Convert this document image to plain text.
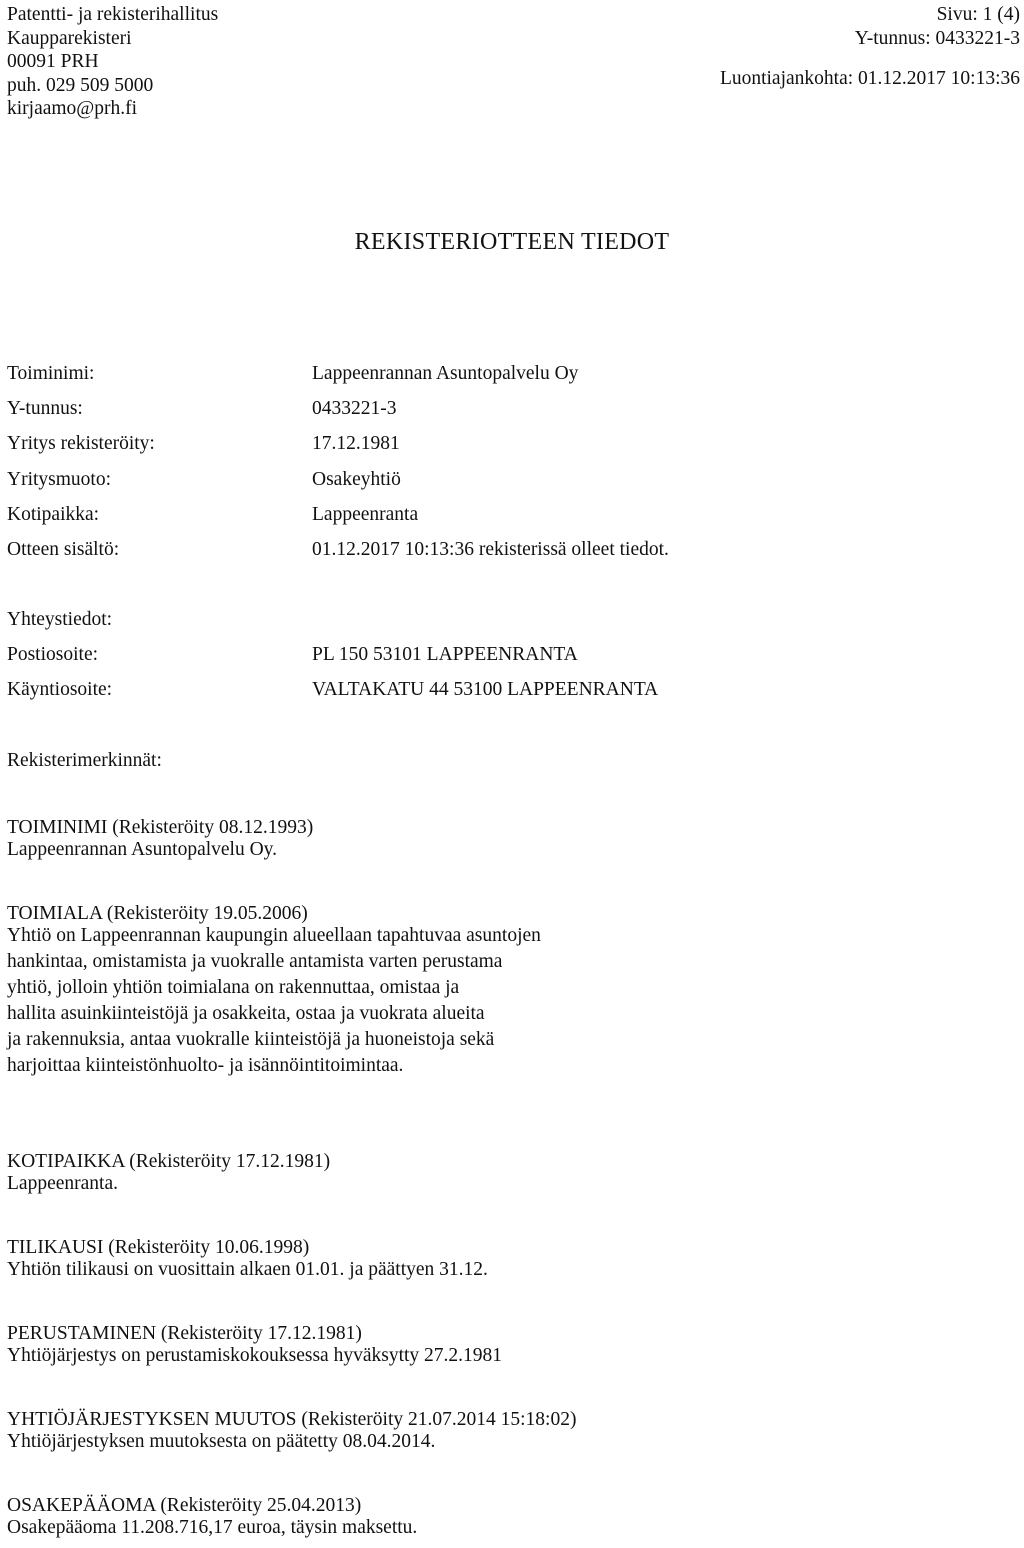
Patentti- ja rekisterihallitus
Kaupparekisteri
00091 PRH
puh. 029 509 5000
kirjaamo@prh.fi
Sivu: 1 (4)
Y-tunnus: 0433221-3
Luontiajankohta: 01.12.2017 10:13:36
REKISTERIOTTEEN TIEDOT
Toiminimi:	Lappeenrannan Asuntopalvelu Oy
Y-tunnus:	0433221-3
Yritys rekisteröity:	17.12.1981
Yritysmuoto:	Osakeyhtiö
Kotipaikka:	Lappeenranta
Otteen sisältö:	01.12.2017 10:13:36 rekisterissä olleet tiedot.
Yhteystiedot:
Postiosoite:	PL 150 53101 LAPPEENRANTA
Käyntiosoite:	VALTAKATU 44 53100 LAPPEENRANTA
Rekisterimerkinnät:
TOIMINIMI (Rekisteröity 08.12.1993)
Lappeenrannan Asuntopalvelu Oy.
TOIMIALA (Rekisteröity 19.05.2006)
Yhtiö on Lappeenrannan kaupungin alueellaan tapahtuvaa asuntojen
hankintaa, omistamista ja vuokralle antamista varten perustama
yhtiö, jolloin yhtiön toimialana on rakennuttaa, omistaa ja
hallita asuinkiinteistöjä ja osakkeita, ostaa ja vuokrata alueita
ja rakennuksia, antaa vuokralle kiinteistöjä ja huoneistoja sekä
harjoittaa kiinteistönhuolto- ja isännöintitoimintaa.
KOTIPAIKKA (Rekisteröity 17.12.1981)
Lappeenranta.
TILIKAUSI (Rekisteröity 10.06.1998)
Yhtiön tilikausi on vuosittain alkaen 01.01. ja päättyen 31.12.
PERUSTAMINEN (Rekisteröity 17.12.1981)
Yhtiöjärjestys on perustamiskokouksessa hyväksytty 27.2.1981
YHTIÖJÄRJESTYKSEN MUUTOS (Rekisteröity 21.07.2014 15:18:02)
Yhtiöjärjestyksen muutoksesta on päätetty 08.04.2014.
OSAKEPÄÄOMA (Rekisteröity 25.04.2013)
Osakepääoma 11.208.716,17 euroa, täysin maksettu.
